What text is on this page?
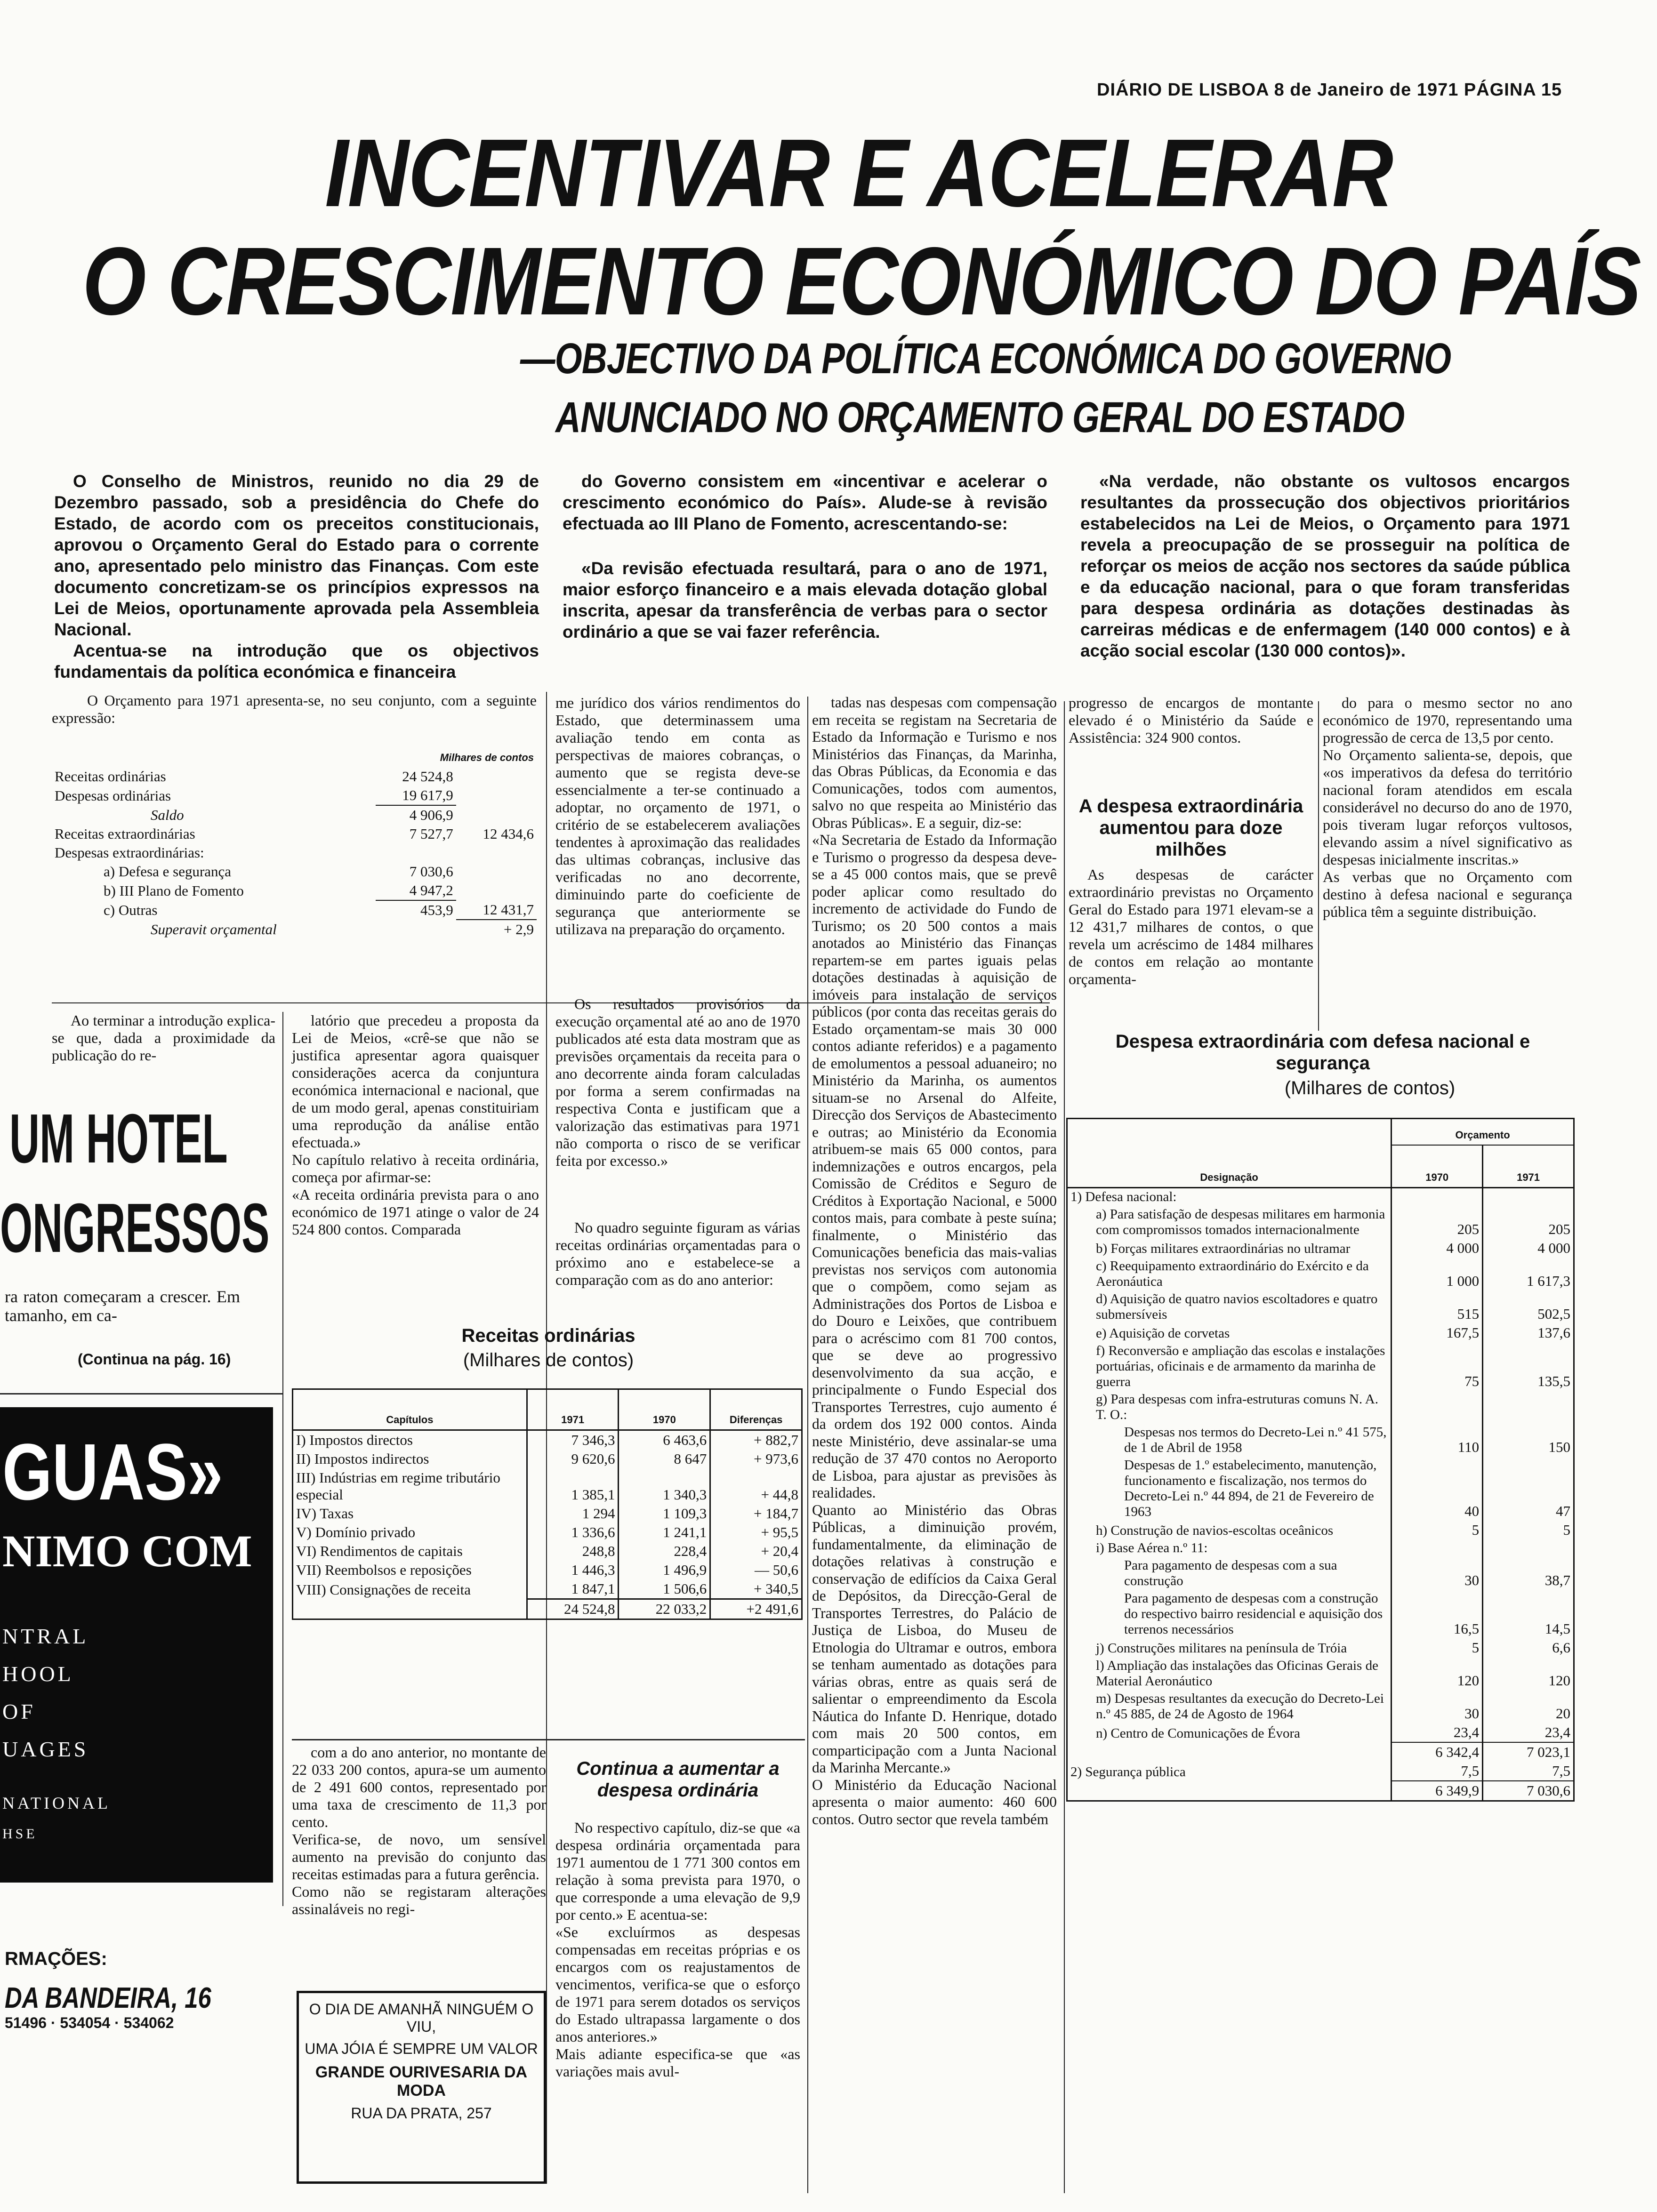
DIÁRIO DE LISBOA 8 de Janeiro de 1971 PÁGINA 15
INCENTIVAR E ACELERAR
O CRESCIMENTO ECONÓMICO DO PAÍS
—OBJECTIVO DA POLÍTICA ECONÓMICA DO GOVERNO
ANUNCIADO NO ORÇAMENTO GERAL DO ESTADO

O Conselho de Ministros, reunido no dia 29 de Dezembro passado, sob a presidência do Chefe do Estado, de acordo com os preceitos constitucionais, aprovou o Orçamento Geral do Estado para o corrente ano, apresentado pelo ministro das Finanças. Com este documento concretizam-se os princípios expressos na Lei de Meios, oportunamente aprovada pela Assembleia Nacional.

Acentua-se na introdução que os objectivos fundamentais da política económica e financeira

do Governo consistem em «incentivar e acelerar o crescimento económico do País». Alude-se à revisão efectuada ao III Plano de Fomento, acrescentando-se:

«Da revisão efectuada resultará, para o ano de 1971, maior esforço financeiro e a mais elevada dotação global inscrita, apesar da transferência de verbas para o sector ordinário a que se vai fazer referência.

«Na verdade, não obstante os vultosos encargos resultantes da prossecução dos objectivos prioritários estabelecidos na Lei de Meios, o Orçamento para 1971 revela a preocupação de se prosseguir na política de reforçar os meios de acção nos sectores da saúde pública e da educação nacional, para o que foram transferidas para despesa ordinária as dotações destinadas às carreiras médicas e de enfermagem (140 000 contos) e à acção social escolar (130 000 contos)».

O Orçamento para 1971 apresenta-se, no seu conjunto, com a seguinte expressão:
	Milhares de contos	
Receitas ordinárias	24 524,8	
Despesas ordinárias	19 617,9	
Saldo	4 906,9	
Receitas extraordinárias	7 527,7	12 434,6
Despesas extraordinárias:		
a) Defesa e segurança	7 030,6	
b) III Plano de Fomento	4 947,2	
c) Outras	453,9	12 431,7
Superavit orçamental		+ 2,9
Ao terminar a introdução explica-se que, dada a proximidade da publicação do re-
latório que precedeu a proposta da Lei de Meios, «crê-se que não se justifica apresentar agora quaisquer considerações acerca da conjuntura económica internacional e nacional, que de um modo geral, apenas constituiriam uma reprodução da análise então efectuada.»
No capítulo relativo à receita ordinária, começa por afirmar-se:
«A receita ordinária prevista para o ano económico de 1971 atinge o valor de 24 524 800 contos. Comparada
UM HOTEL
ONGRESSOS
ra raton começaram a crescer. Em tamanho, em ca-
(Continua na pág. 16)
GUAS»
NIMO COM
NTRAL
HOOL
OF
UAGES
NATIONAL
HSE
RMAÇÕES:
DA BANDEIRA, 16
51496 · 534054 · 534062
me jurídico dos vários rendimentos do Estado, que determinassem uma avaliação tendo em conta as perspectivas de maiores cobranças, o aumento que se regista deve-se essencialmente a ter-se continuado a adoptar, no orçamento de 1971, o critério de se estabelecerem avaliações tendentes à aproximação das realidades das ultimas cobranças, inclusive das verificadas no ano decorrente, diminuindo parte do coeficiente de segurança que anteriormente se utilizava na preparação do orçamento.
Os resultados provisórios da execução orçamental até ao ano de 1970 publicados até esta data mostram que as previsões orçamentais da receita para o ano decorrente ainda foram calculadas por forma a serem confirmadas na respectiva Conta e justificam que a valorização das estimativas para 1971 não comporta o risco de se verificar feita por excesso.»
No quadro seguinte figuram as várias receitas ordinárias orçamentadas para o próximo ano e estabelece-se a comparação com as do ano anterior:
Receitas ordinárias
(Milhares de contos)
Capítulos	1971	1970	Diferenças
I) Impostos directos	7 346,3	6 463,6	+ 882,7
II) Impostos indirectos	9 620,6	8 647	+ 973,6
III) Indústrias em regime tributário especial	1 385,1	1 340,3	+ 44,8
IV) Taxas	1 294	1 109,3	+ 184,7
V) Domínio privado	1 336,6	1 241,1	+ 95,5
VI) Rendimentos de capitais	248,8	228,4	+ 20,4
VII) Reembolsos e reposições	1 446,3	1 496,9	— 50,6
VIII) Consignações de receita	1 847,1	1 506,6	+ 340,5
	24 524,8	22 033,2	+2 491,6
com a do ano anterior, no montante de 22 033 200 contos, apura-se um aumento de 2 491 600 contos, representado por uma taxa de crescimento de 11,3 por cento.
Verifica-se, de novo, um sensível aumento na previsão do conjunto das receitas estimadas para a futura gerência.
Como não se registaram alterações assinaláveis no regi-
O DIA DE AMANHÃ NINGUÉM O VIU,
UMA JÓIA É SEMPRE UM VALOR
GRANDE OURIVESARIA DA MODA
RUA DA PRATA, 257
Continua a aumentar a despesa ordinária
No respectivo capítulo, diz-se que «a despesa ordinária orçamentada para 1971 aumentou de 1 771 300 contos em relação à soma prevista para 1970, o que corresponde a uma elevação de 9,9 por cento.» E acentua-se:
«Se excluírmos as despesas compensadas em receitas próprias e os encargos com os reajustamentos de vencimentos, verifica-se que o esforço de 1971 para serem dotados os serviços do Estado ultrapassa largamente o dos anos anteriores.»
Mais adiante especifica-se que «as variações mais avul-
tadas nas despesas com compensação em receita se registam na Secretaria de Estado da Informação e Turismo e nos Ministérios das Finanças, da Marinha, das Obras Públicas, da Economia e das Comunicações, todos com aumentos, salvo no que respeita ao Ministério das Obras Públicas». E a seguir, diz-se:
«Na Secretaria de Estado da Informação e Turismo o progresso da despesa deve-se a 45 000 contos mais, que se prevê poder aplicar como resultado do incremento de actividade do Fundo de Turismo; os 20 500 contos a mais anotados ao Ministério das Finanças repartem-se em partes iguais pelas dotações destinadas à aquisição de imóveis para instalação de serviços públicos (por conta das receitas gerais do Estado orçamentam-se mais 30 000 contos adiante referidos) e a pagamento de emolumentos a pessoal aduaneiro; no Ministério da Marinha, os aumentos situam-se no Arsenal do Alfeite, Direcção dos Serviços de Abastecimento e outras; ao Ministério da Economia atribuem-se mais 65 000 contos, para indemnizações e outros encargos, pela Comissão de Créditos e Seguro de Créditos à Exportação Nacional, e 5000 contos mais, para combate à peste suína; finalmente, o Ministério das Comunicações beneficia das mais-valias previstas nos serviços com autonomia que o compõem, como sejam as Administrações dos Portos de Lisboa e do Douro e Leixões, que contribuem para o acréscimo com 81 700 contos, que se deve ao progressivo desenvolvimento da sua acção, e principalmente o Fundo Especial dos Transportes Terrestres, cujo aumento é da ordem dos 192 000 contos. Ainda neste Ministério, deve assinalar-se uma redução de 37 470 contos no Aeroporto de Lisboa, para ajustar as previsões às realidades.
Quanto ao Ministério das Obras Públicas, a diminuição provém, fundamentalmente, da eliminação de dotações relativas à construção e conservação de edifícios da Caixa Geral de Depósitos, da Direcção-Geral de Transportes Terrestres, do Palácio de Justiça de Lisboa, do Museu de Etnologia do Ultramar e outros, embora se tenham aumentado as dotações para várias obras, entre as quais será de salientar o empreendimento da Escola Náutica do Infante D. Henrique, dotado com mais 20 500 contos, em comparticipação com a Junta Nacional da Marinha Mercante.»
O Ministério da Educação Nacional apresenta o maior aumento: 460 600 contos. Outro sector que revela também
progresso de encargos de montante elevado é o Ministério da Saúde e Assistência: 324 900 contos.
A despesa extraordinária aumentou para doze milhões
As despesas de carácter extraordinário previstas no Orçamento Geral do Estado para 1971 elevam-se a 12 431,7 milhares de contos, o que revela um acréscimo de 1484 milhares de contos em relação ao montante orçamenta-
do para o mesmo sector no ano económico de 1970, representando uma progressão de cerca de 13,5 por cento.
No Orçamento salienta-se, depois, que «os imperativos da defesa do território nacional foram atendidos em escala considerável no decurso do ano de 1970, pois tiveram lugar reforços vultosos, elevando assim a nível significativo as despesas inicialmente inscritas.»
As verbas que no Orçamento com destino à defesa nacional e segurança pública têm a seguinte distribuição.
Despesa extraordinária com defesa nacional e segurança
(Milhares de contos)
Designação	Orçamento	
	1970	1971
1) Defesa nacional:		
a) Para satisfação de despesas militares em harmonia com compromissos tomados internacionalmente	205	205
b) Forças militares extraordinárias no ultramar	4 000	4 000
c) Reequipamento extraordinário do Exército e da Aeronáutica	1 000	1 617,3
d) Aquisição de quatro navios escoltadores e quatro submersíveis	515	502,5
e) Aquisição de corvetas	167,5	137,6
f) Reconversão e ampliação das escolas e instalações portuárias, oficinais e de armamento da marinha de guerra	75	135,5
g) Para despesas com infra-estruturas comuns N. A. T. O.:		
Despesas nos termos do Decreto-Lei n.º 41 575, de 1 de Abril de 1958	110	150
Despesas de 1.º estabelecimento, manutenção, funcionamento e fiscalização, nos termos do Decreto-Lei n.º 44 894, de 21 de Fevereiro de 1963	40	47
h) Construção de navios-escoltas oceânicos	5	5
i) Base Aérea n.º 11:		
Para pagamento de despesas com a sua construção	30	38,7
Para pagamento de despesas com a construção do respectivo bairro residencial e aquisição dos terrenos necessários	16,5	14,5
j) Construções militares na península de Tróia	5	6,6
l) Ampliação das instalações das Oficinas Gerais de Material Aeronáutico	120	120
m) Despesas resultantes da execução do Decreto-Lei n.º 45 885, de 24 de Agosto de 1964	30	20
n) Centro de Comunicações de Évora	23,4	23,4
	6 342,4	7 023,1
2) Segurança pública	7,5	7,5
	6 349,9	7 030,6
